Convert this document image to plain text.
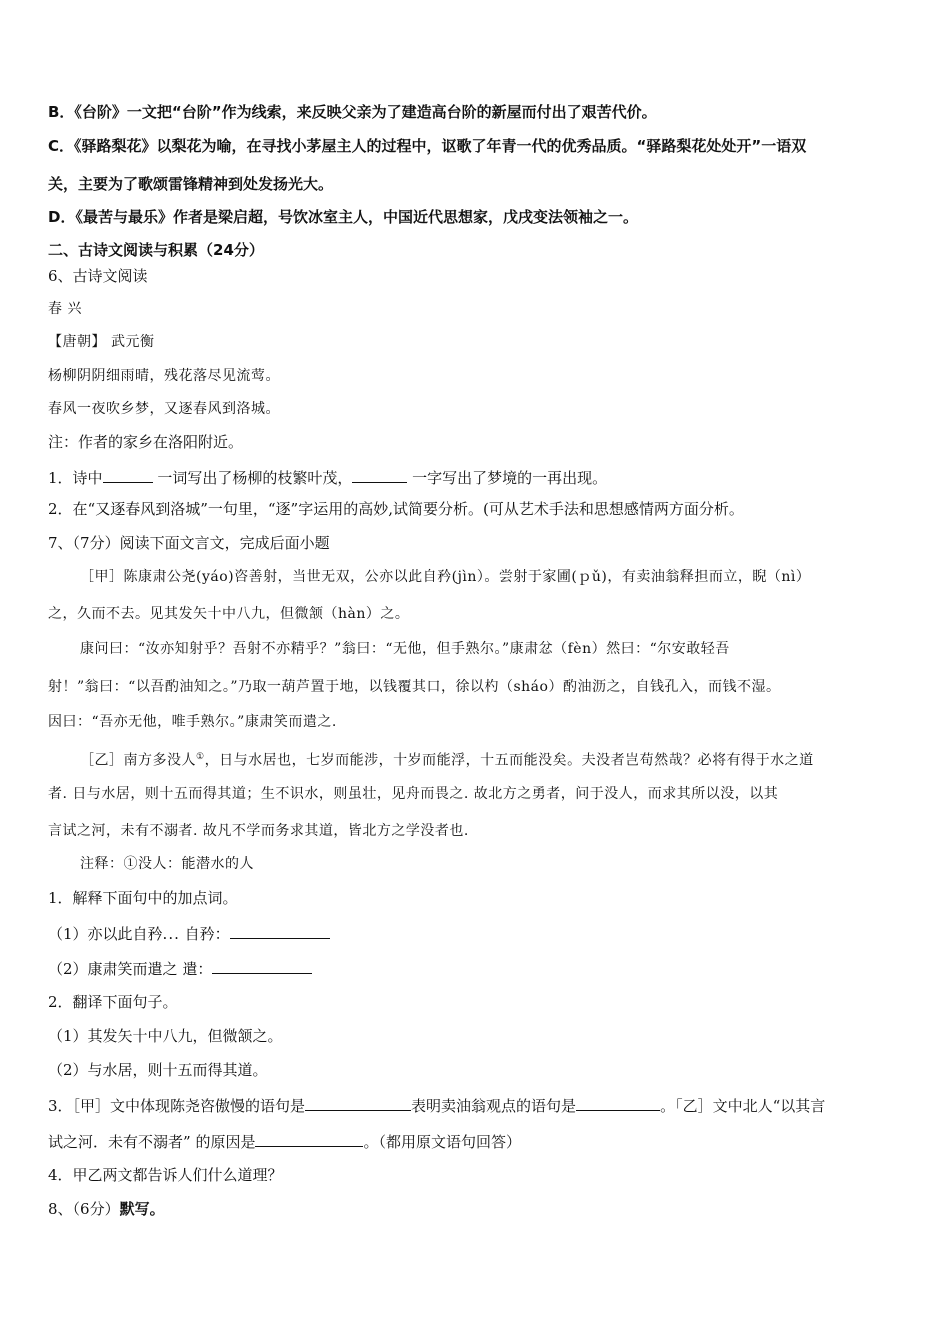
B．《台阶》一文把“台阶”作为线索，来反映父亲为了建造高台阶的新屋而付出了艰苦代价。
C．《驿路梨花》以梨花为喻，在寻找小茅屋主人的过程中，讴歌了年青一代的优秀品质。“驿路梨花处处开”一语双
关，主要为了歌颂雷锋精神到处发扬光大。
D．《最苦与最乐》作者是梁启超，号饮冰室主人，中国近代思想家，戊戌变法领袖之一。
二、古诗文阅读与积累（24分）
6、古诗文阅读
春 兴
【唐朝】 武元衡
杨柳阴阴细雨晴，残花落尽见流莺。
春风一夜吹乡梦，又逐春风到洛城。
注：作者的家乡在洛阳附近。
1．诗中	一词写出了杨柳的枝繁叶茂，	一字写出了梦境的一再出现。
2．在“又逐春风到洛城”一句里，“逐”字运用的高妙,试简要分析。(可从艺术手法和思想感情两方面分析。
7、（7分）阅读下面文言文，完成后面小题
［甲］陈康肃公尧(yáo)咨善射，当世无双，公亦以此自矜(jìn）。尝射于家圃(ｐǔ)，有卖油翁释担而立，睨（nì）
之，久而不去。见其发矢十中八九，但微颔（hàn）之。
康问曰：“汝亦知射乎？吾射不亦精乎？”翁曰：“无他，但手熟尔。”康肃忿（fèn）然曰：“尔安敢轻吾
射！”翁曰：“以吾酌油知之。”乃取一葫芦置于地，以钱覆其口，徐以杓（sháo）酌油沥之，自钱孔入，而钱不湿。
因曰：“吾亦无他，唯手熟尔。”康肃笑而遣之.
［乙］南方多没人①，日与水居也，七岁而能涉，十岁而能浮，十五而能没矣。夫没者岂苟然哉？必将有得于水之道
者. 日与水居，则十五而得其道；生不识水，则虽壮，见舟而畏之. 故北方之勇者，问于没人，而求其所以没，以其
言试之河，未有不溺者. 故凡不学而务求其道，皆北方之学没者也.
注释：①没人：能潜水的人
1．解释下面句中的加点词。
（1）亦以此自矜... 自矜：
（2）康肃笑而遣之 遣：
2．翻译下面句子。
（1）其发矢十中八九，但微颔之。
（2）与水居，则十五而得其道。
3．［甲］文中体现陈尧咨傲慢的语句是	表明卖油翁观点的语句是	。「乙］文中北人“以其言
试之河．未有不溺者” 的原因是	。（都用原文语句回答）
4．甲乙两文都告诉人们什么道理？
8、（6分）默写。
